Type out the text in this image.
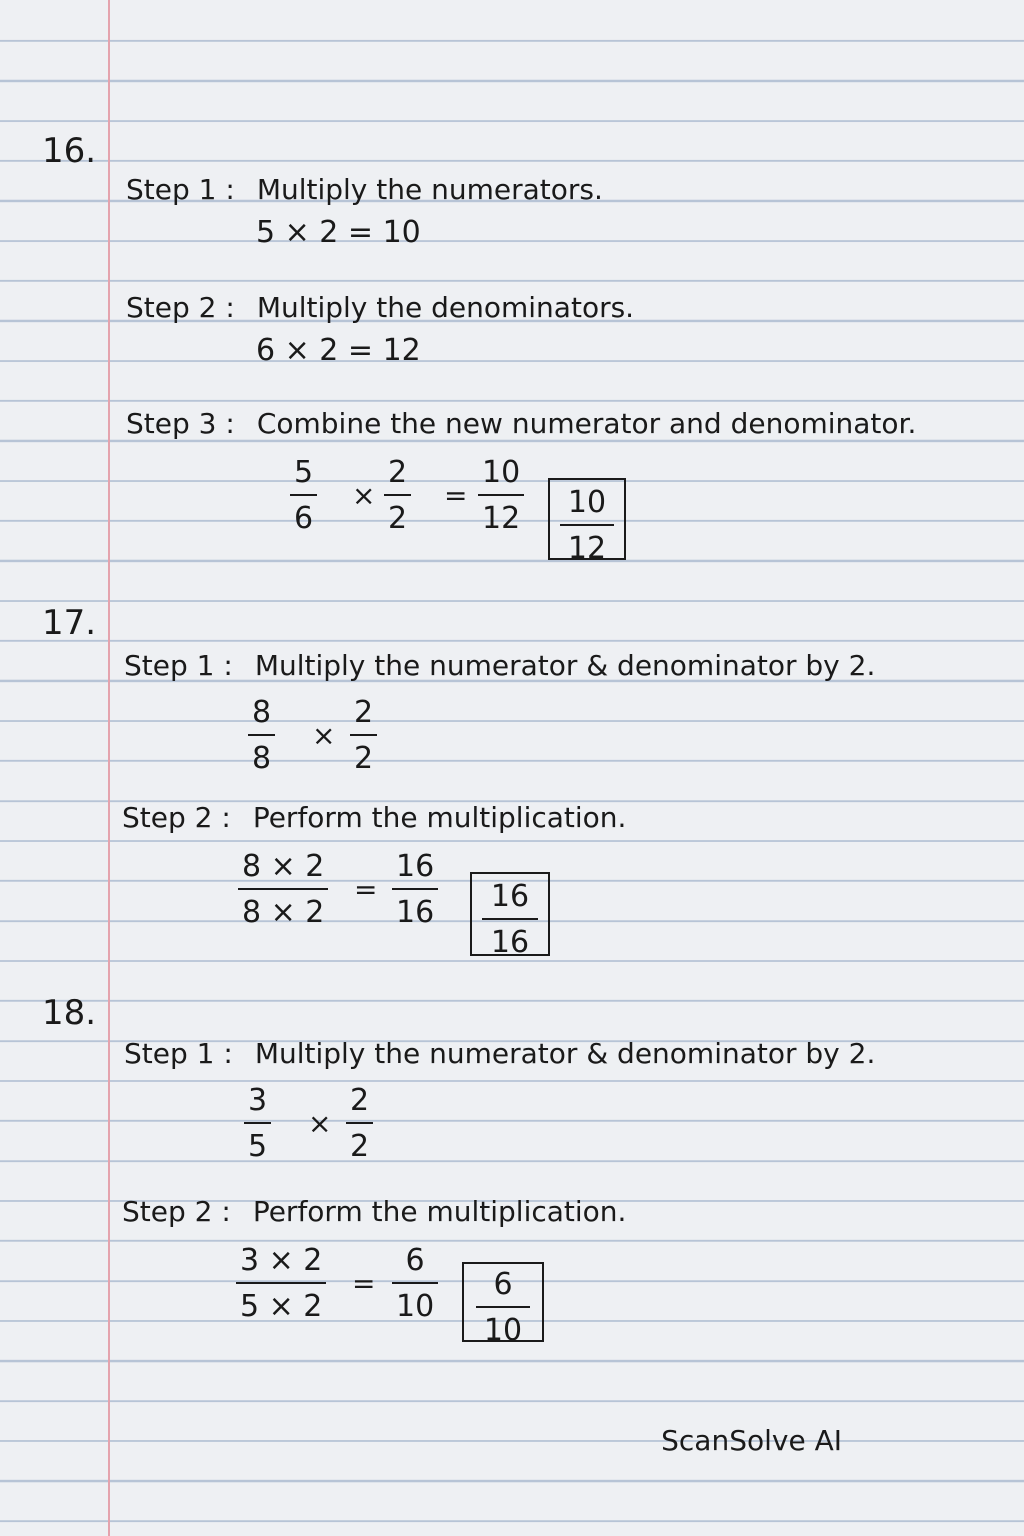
16.
Step 1 : Multiply the numerators.
5 × 2 = 10
Step 2 : Multiply the denominators.
6 × 2 = 12
Step 3 : Combine the new numerator and denominator.
5
6
×
2
2
=
10
12 10
12
17.
Step 1 : Multiply the numerator & denominator by 2.
8
8
×
2
2
Step 2 : Perform the multiplication.
8 × 2
8 × 2
=
16
16 16
16
18.
Step 1 : Multiply the numerator & denominator by 2.
3
5
×
2
2
Step 2 : Perform the multiplication.
3 × 2
5 × 2
=
6
10
6
10
ScanSolve AI
